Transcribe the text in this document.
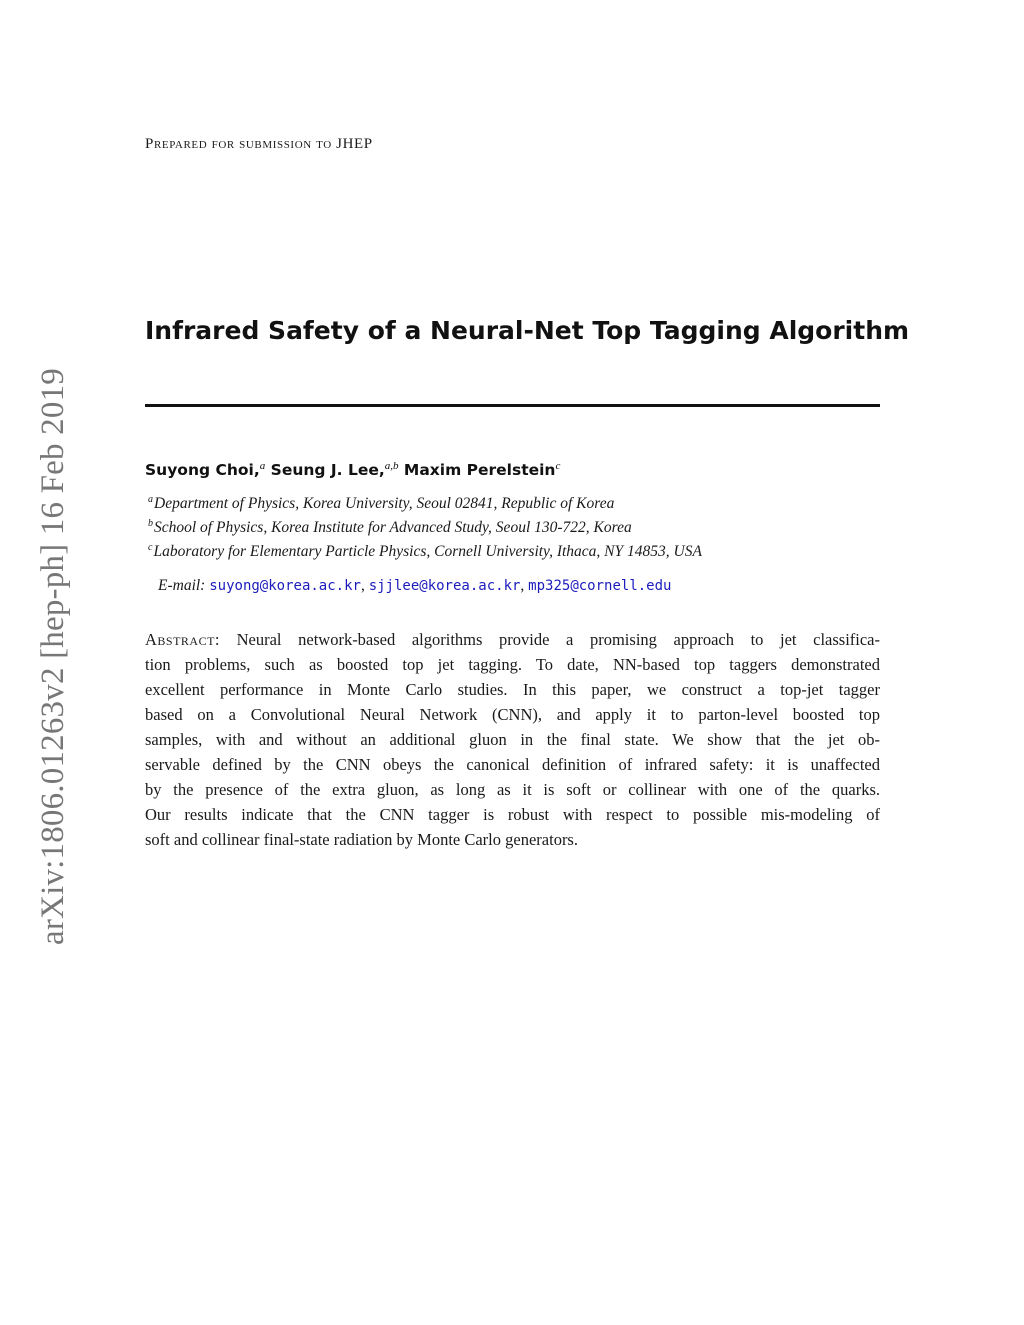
arXiv:1806.01263v2 [hep-ph] 16 Feb 2019
Prepared for submission to JHEP
Infrared Safety of a Neural-Net Top Tagging Algorithm
Suyong Choi,$^a$ Seung J. Lee,$^{a,b}$ Maxim Perelstein$^c$
$^a$Department of Physics, Korea University, Seoul 02841, Republic of Korea
$^b$School of Physics, Korea Institute for Advanced Study, Seoul 130-722, Korea
$^c$Laboratory for Elementary Particle Physics, Cornell University, Ithaca, NY 14853, USA
E-mail: suyong@korea.ac.kr, sjjlee@korea.ac.kr, mp325@cornell.edu
Abstract: Neural network-based algorithms provide a promising approach to jet classifica-
tion problems, such as boosted top jet tagging. To date, NN-based top taggers demonstrated
excellent performance in Monte Carlo studies. In this paper, we construct a top-jet tagger
based on a Convolutional Neural Network (CNN), and apply it to parton-level boosted top
samples, with and without an additional gluon in the final state. We show that the jet ob-
servable defined by the CNN obeys the canonical definition of infrared safety: it is unaffected
by the presence of the extra gluon, as long as it is soft or collinear with one of the quarks.
Our results indicate that the CNN tagger is robust with respect to possible mis-modeling of
soft and collinear final-state radiation by Monte Carlo generators.
